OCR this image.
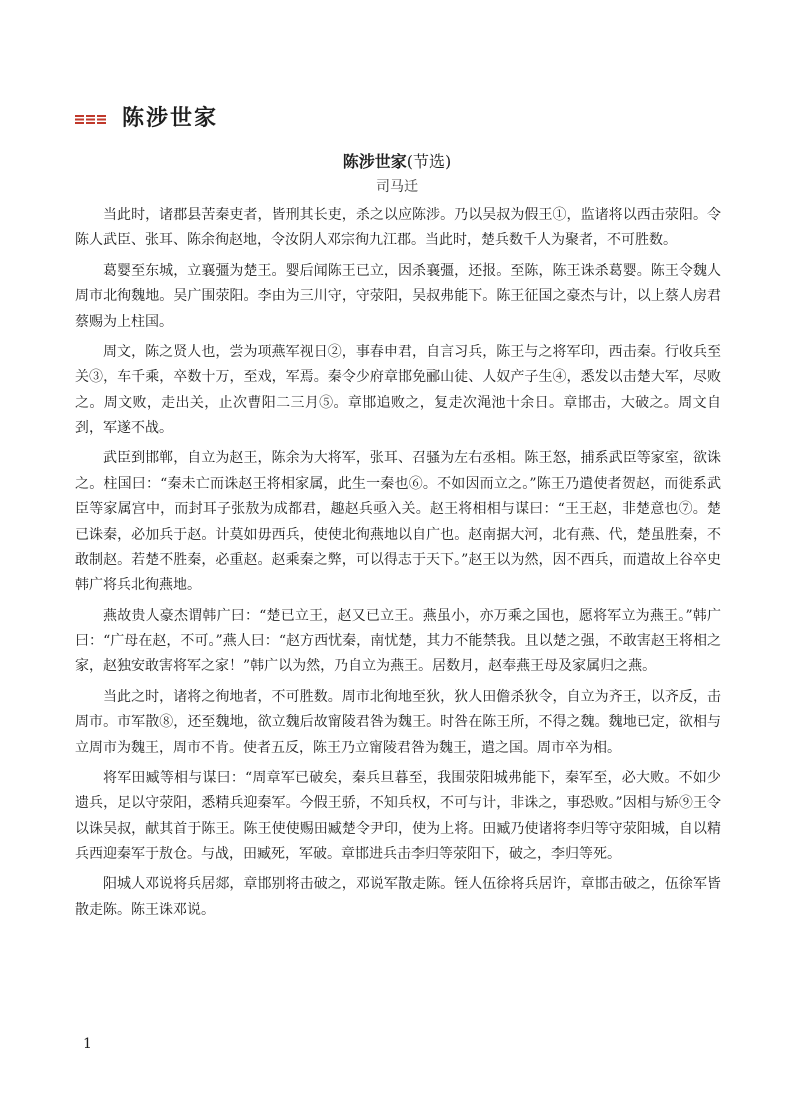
陈涉世家
陈涉世家(节选)
司马迁

当此时，诸郡县苦秦吏者，皆刑其长吏，杀之以应陈涉。乃以吴叔为假王①，监诸将以西击荥阳。令陈人武臣、张耳、陈余徇赵地，令汝阴人邓宗徇九江郡。当此时，楚兵数千人为聚者，不可胜数。

葛婴至东城，立襄彊为楚王。婴后闻陈王已立，因杀襄彊，还报。至陈，陈王诛杀葛婴。陈王令魏人周市北徇魏地。吴广围荥阳。李由为三川守，守荥阳，吴叔弗能下。陈王征国之豪杰与计，以上蔡人房君蔡赐为上柱国。

周文，陈之贤人也，尝为项燕军视日②，事春申君，自言习兵，陈王与之将军印，西击秦。行收兵至关③，车千乘，卒数十万，至戏，军焉。秦令少府章邯免郦山徒、人奴产子生④，悉发以击楚大军，尽败之。周文败，走出关，止次曹阳二三月⑤。章邯追败之，复走次渑池十余日。章邯击，大破之。周文自刭，军遂不战。

武臣到邯郸，自立为赵王，陈余为大将军，张耳、召骚为左右丞相。陈王怒，捕系武臣等家室，欲诛之。柱国曰：“秦未亡而诛赵王将相家属，此生一秦也⑥。不如因而立之。”陈王乃遣使者贺赵，而徙系武臣等家属宫中，而封耳子张敖为成都君，趣赵兵亟入关。赵王将相相与谋曰：“王王赵，非楚意也⑦。楚已诛秦，必加兵于赵。计莫如毋西兵，使使北徇燕地以自广也。赵南据大河，北有燕、代，楚虽胜秦，不敢制赵。若楚不胜秦，必重赵。赵乘秦之弊，可以得志于天下。”赵王以为然，因不西兵，而遣故上谷卒史韩广将兵北徇燕地。

燕故贵人豪杰谓韩广曰：“楚已立王，赵又已立王。燕虽小，亦万乘之国也，愿将军立为燕王。”韩广曰：“广母在赵，不可。”燕人曰：“赵方西忧秦，南忧楚，其力不能禁我。且以楚之强，不敢害赵王将相之家，赵独安敢害将军之家！”韩广以为然，乃自立为燕王。居数月，赵奉燕王母及家属归之燕。

当此之时，诸将之徇地者，不可胜数。周市北徇地至狄，狄人田儋杀狄令，自立为齐王，以齐反，击周市。市军散⑧，还至魏地，欲立魏后故甯陵君咎为魏王。时咎在陈王所，不得之魏。魏地已定，欲相与立周市为魏王，周市不肯。使者五反，陈王乃立甯陵君咎为魏王，遣之国。周市卒为相。

将军田臧等相与谋曰：“周章军已破矣，秦兵旦暮至，我围荥阳城弗能下，秦军至，必大败。不如少遗兵，足以守荥阳，悉精兵迎秦军。今假王骄，不知兵权，不可与计，非诛之，事恐败。”因相与矫⑨王令以诛吴叔，献其首于陈王。陈王使使赐田臧楚令尹印，使为上将。田臧乃使诸将李归等守荥阳城，自以精兵西迎秦军于敖仓。与战，田臧死，军破。章邯进兵击李归等荥阳下，破之，李归等死。

阳城人邓说将兵居郯，章邯别将击破之，邓说军散走陈。铚人伍徐将兵居许，章邯击破之，伍徐军皆散走陈。陈王诛邓说。

1
